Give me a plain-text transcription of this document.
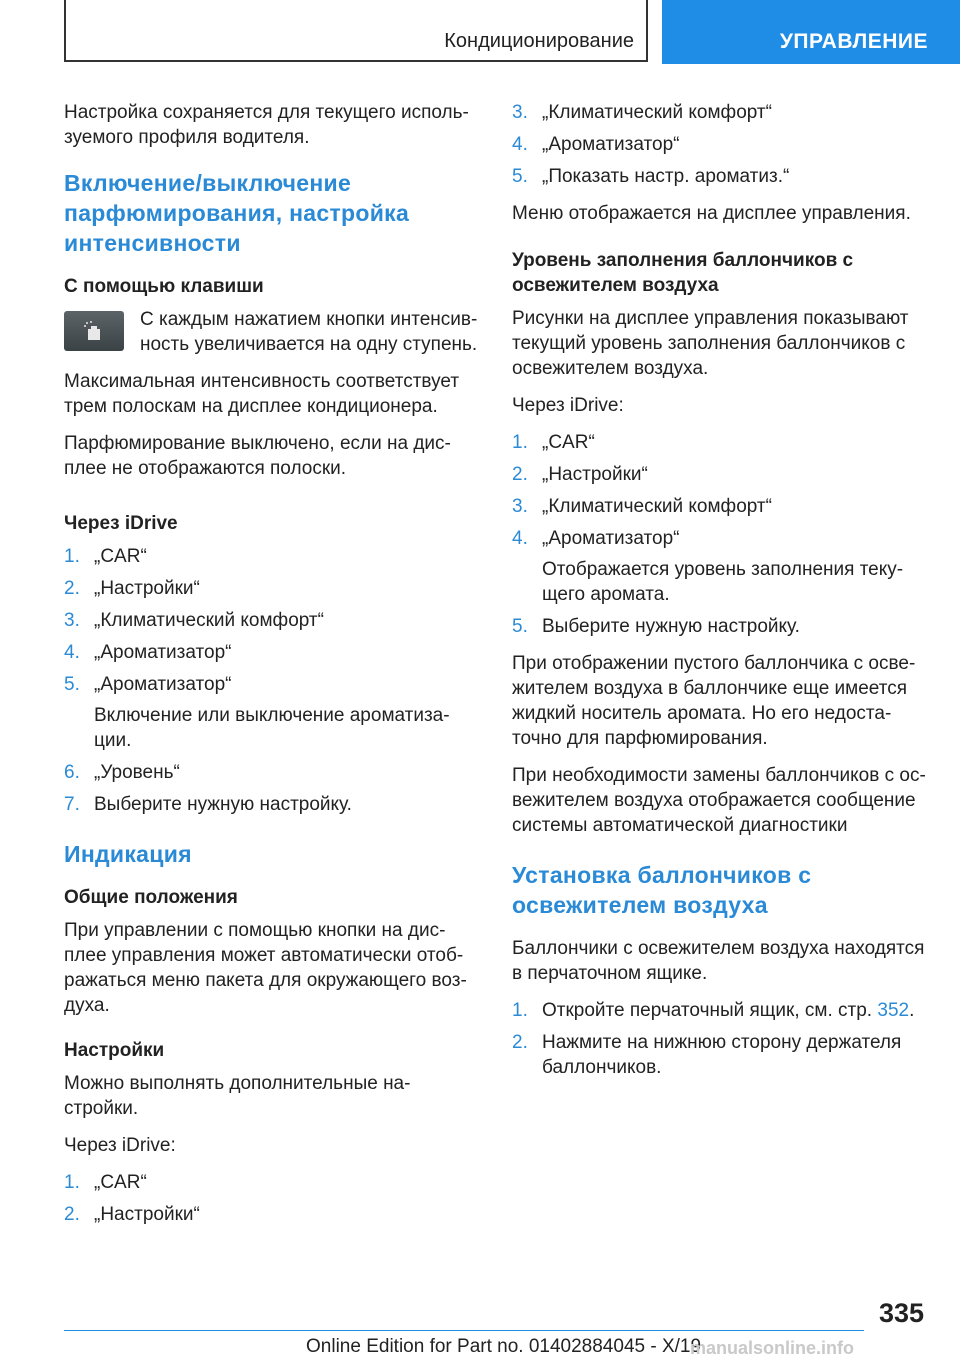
Кондиционирование	УПРАВЛЕНИЕ

Настройка сохраняется для текущего исполь-зуемого профиля водителя.

Включение/выключение парфюмирования, настройка интенсивности
С помощью клавиши

С каждым нажатием кнопки интенсив-ность увеличивается на одну ступень.

Максимальная интенсивность соответствует трем полоскам на дисплее кондиционера.

Парфюмирование выключено, если на дис-плее не отображаются полоски.

Через iDrive
1. „CAR“
2. „Настройки“
3. „Климатический комфорт“
4. „Ароматизатор“
5. „Ароматизатор“
Включение или выключение ароматиза-ции.
6. „Уровень“
7. Выберите нужную настройку.
Индикация
Общие положения

При управлении с помощью кнопки на дис-плее управления может автоматически отоб-ражаться меню пакета для окружающего воз-духа.

Настройки

Можно выполнять дополнительные на-стройки.

Через iDrive:

1. „CAR“
2. „Настройки“
3. „Климатический комфорт“
4. „Ароматизатор“
5. „Показать настр. ароматиз.“

Меню отображается на дисплее управления.

Уровень заполнения баллончиков с освежителем воздуха

Рисунки на дисплее управления показывают текущий уровень заполнения баллончиков с освежителем воздуха.

Через iDrive:

1. „CAR“
2. „Настройки“
3. „Климатический комфорт“
4. „Ароматизатор“
Отображается уровень заполнения теку-щего аромата.
5. Выберите нужную настройку.

При отображении пустого баллончика с осве-жителем воздуха в баллончике еще имеется жидкий носитель аромата. Но его недоста-точно для парфюмирования.

При необходимости замены баллончиков с ос-вежителем воздуха отображается сообщение системы автоматической диагностики

Установка баллончиков с освежителем воздуха

Баллончики с освежителем воздуха находятся в перчаточном ящике.

1. Откройте перчаточный ящик, см. стр. 352.
2. Нажмите на нижнюю сторону держателя баллончиков.
335
Online Edition for Part no. 01402884045 - X/19
manualsonline.info
